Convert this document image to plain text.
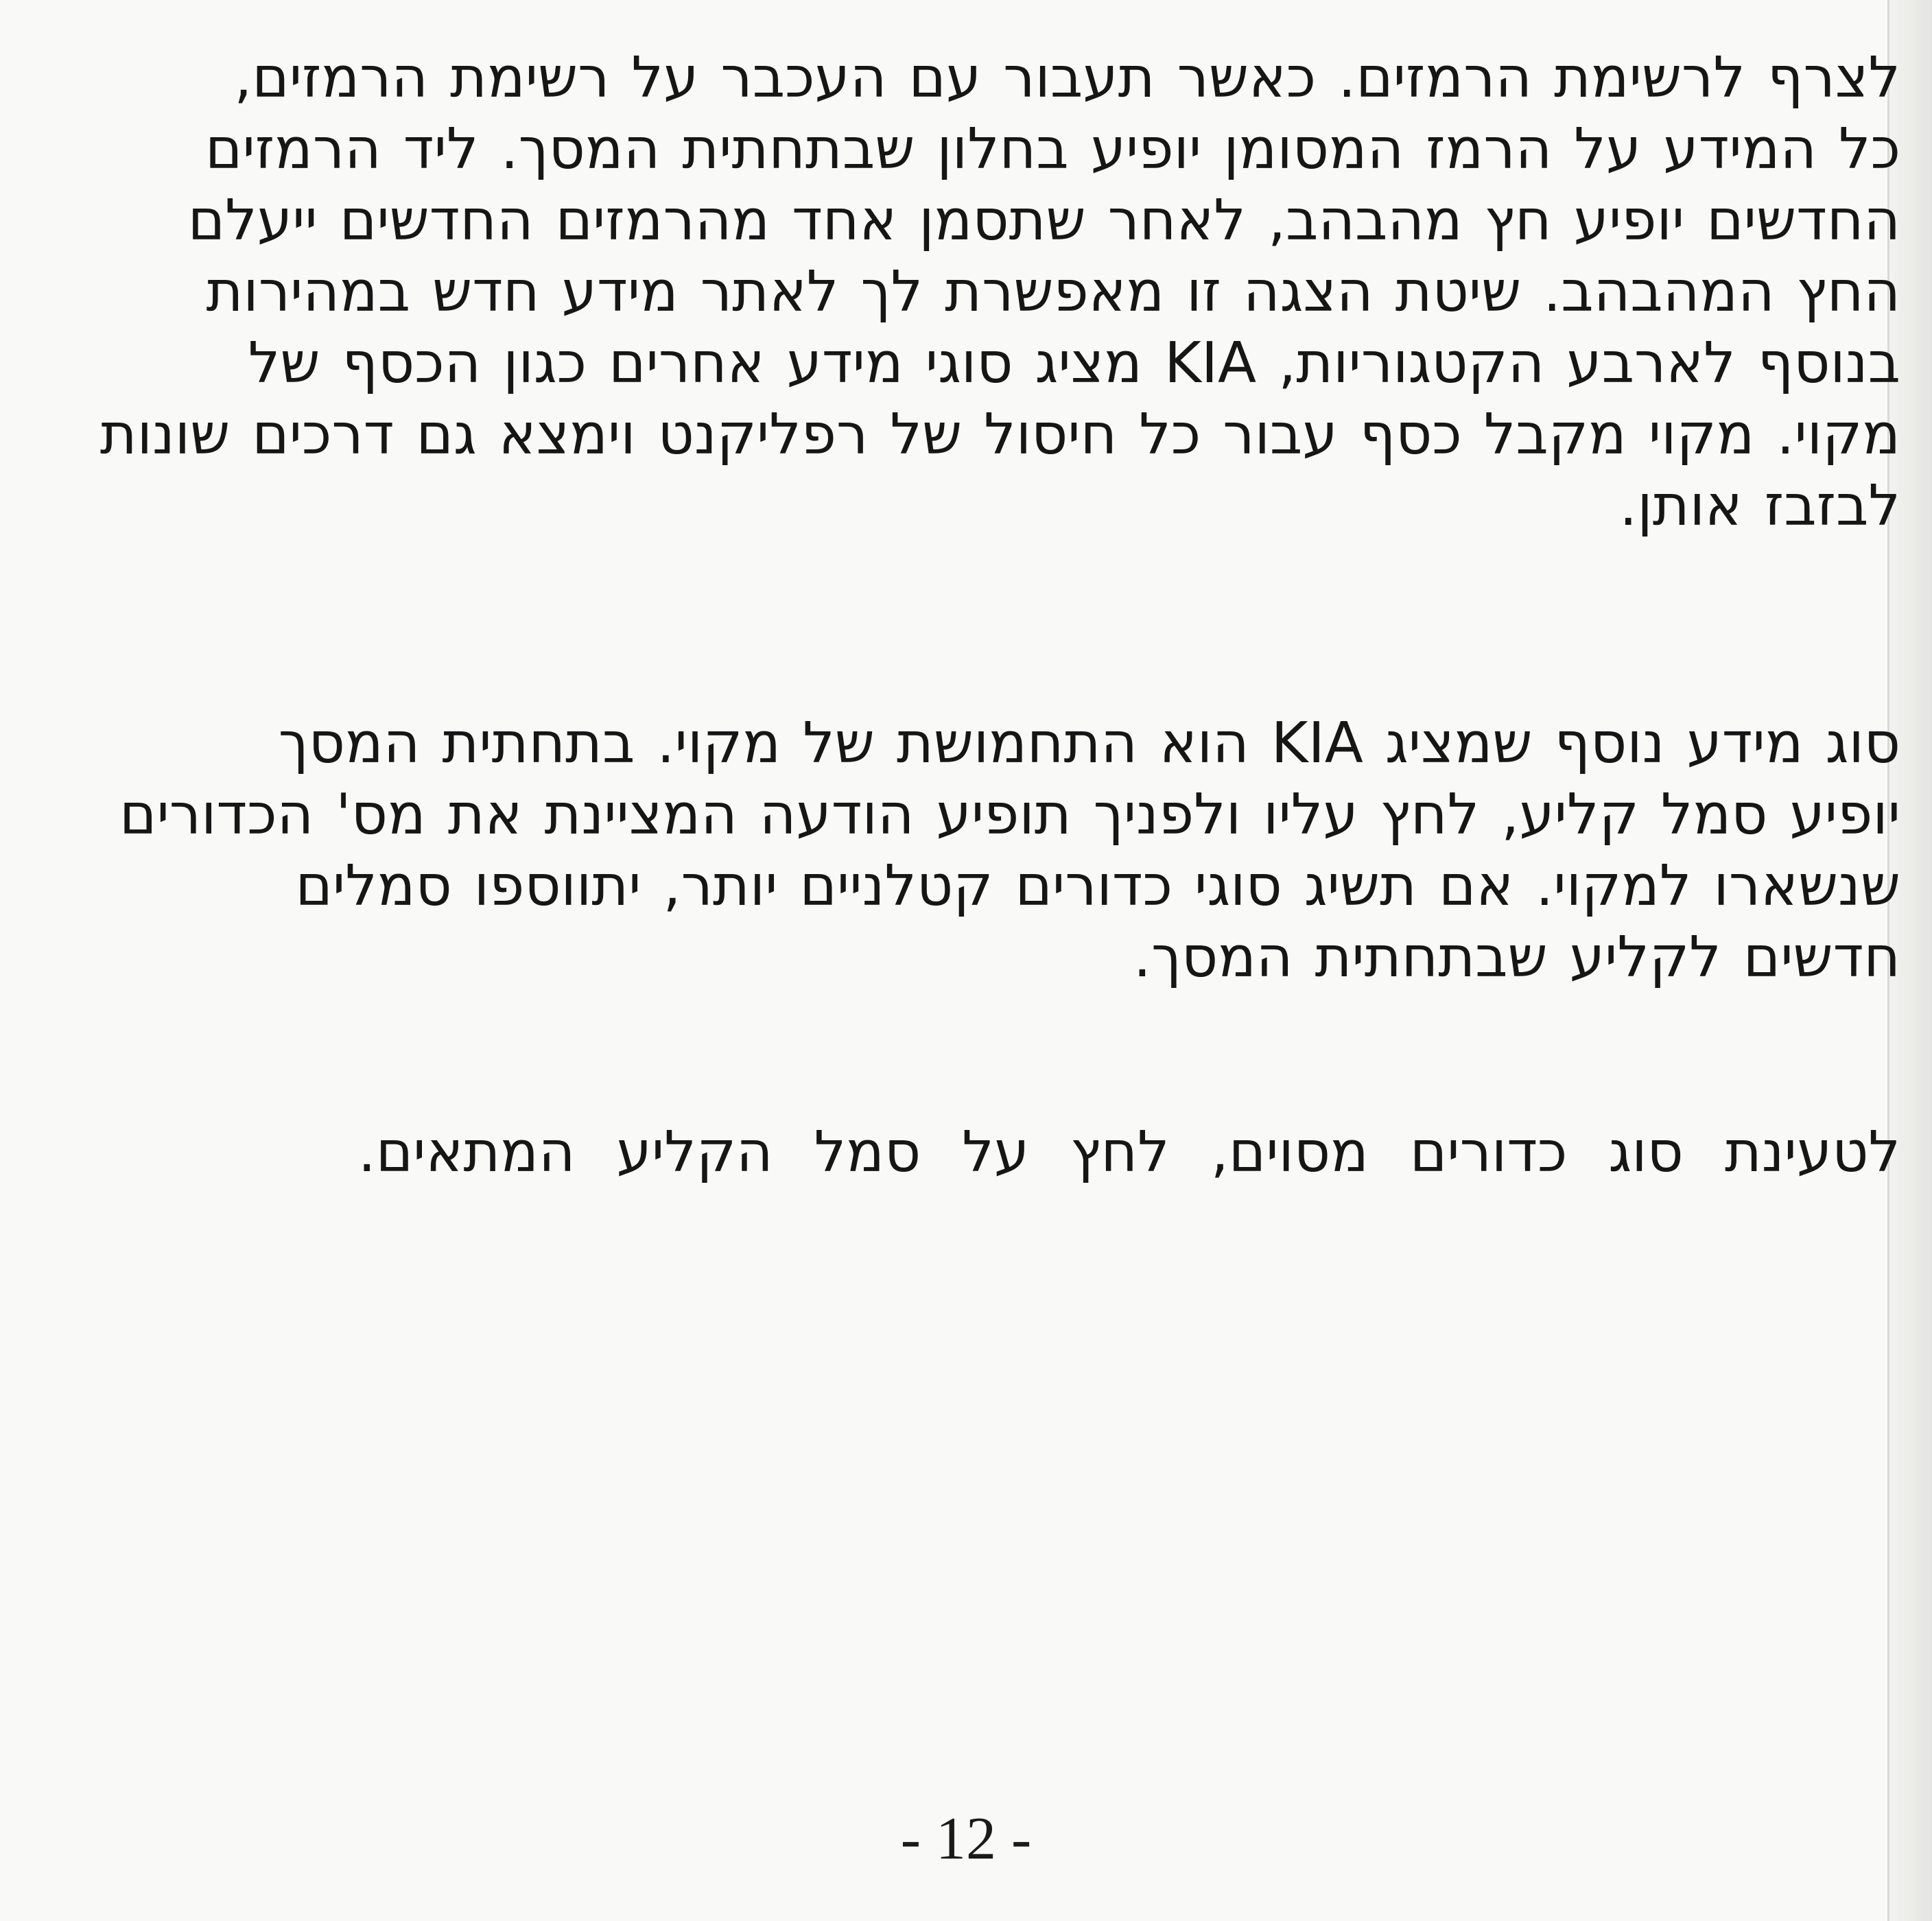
לצרף לרשימת הרמזים. כאשר תעבור עם העכבר על רשימת הרמזים,
כל המידע על הרמז המסומן יופיע בחלון שבתחתית המסך. ליד הרמזים
החדשים יופיע חץ מהבהב, לאחר שתסמן אחד מהרמזים החדשים ייעלם
החץ המהבהב. שיטת הצגה זו מאפשרת לך לאתר מידע חדש במהירות
בנוסף לארבע הקטגוריות, KIA מציג סוגי מידע אחרים כגון הכסף של
מקוי. מקוי מקבל כסף עבור כל חיסול של רפליקנט וימצא גם דרכים שונות
לבזבז אותן.
סוג מידע נוסף שמציג KIA הוא התחמושת של מקוי. בתחתית המסך
יופיע סמל קליע, לחץ עליו ולפניך תופיע הודעה המציינת את מס' הכדורים
שנשארו למקוי. אם תשיג סוגי כדורים קטלניים יותר, יתווספו סמלים
חדשים לקליע שבתחתית המסך.
לטעינת סוג כדורים מסוים, לחץ על סמל הקליע המתאים.
- 12 -
